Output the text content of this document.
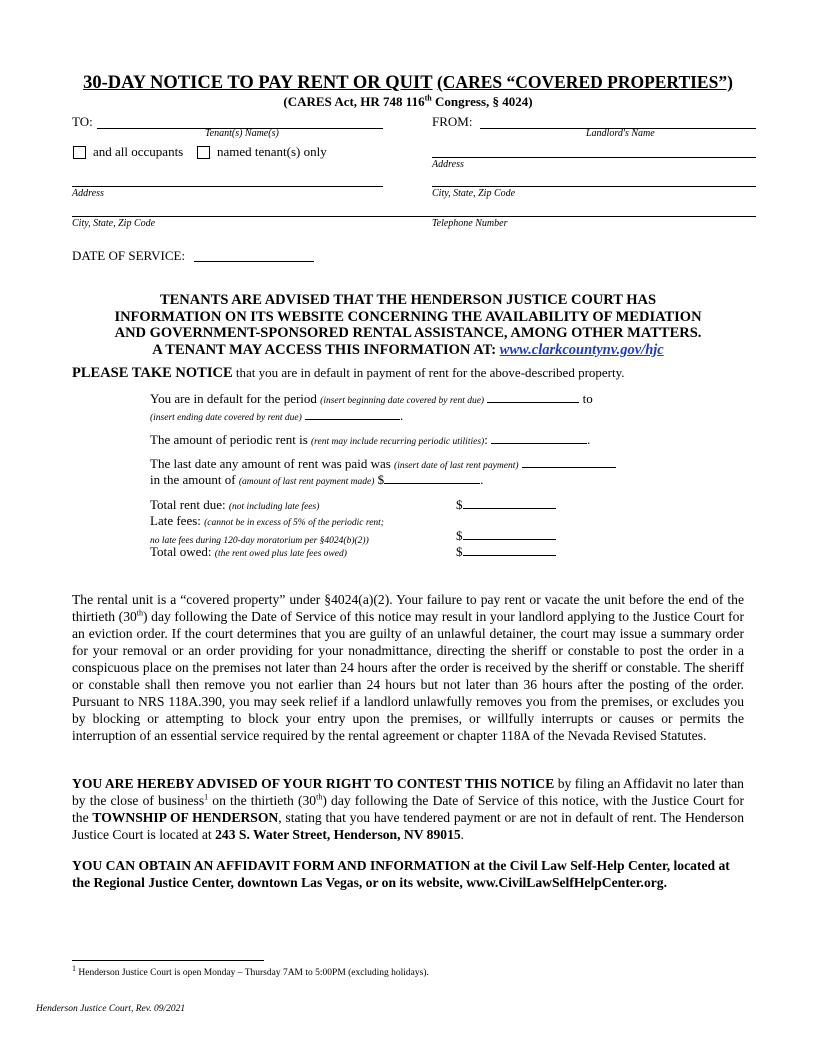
30-DAY NOTICE TO PAY RENT OR QUIT (CARES “COVERED PROPERTIES”)
(CARES Act, HR 748 116th Congress, § 4024)
TO:
Tenant(s) Name(s)
and all occupants	named tenant(s) only
Address
City, State, Zip Code
DATE OF SERVICE:
FROM:
Landlord's Name
Address
City, State, Zip Code
Telephone Number
TENANTS ARE ADVISED THAT THE HENDERSON JUSTICE COURT HAS
INFORMATION ON ITS WEBSITE CONCERNING THE AVAILABILITY OF MEDIATION
AND GOVERNMENT-SPONSORED RENTAL ASSISTANCE, AMONG OTHER MATTERS.
A TENANT MAY ACCESS THIS INFORMATION AT: www.clarkcountynv.gov/hjc
PLEASE TAKE NOTICE that you are in default in payment of rent for the above-described property.
You are in default for the period (insert beginning date covered by rent due)	to
(insert ending date covered by rent due)	.
The amount of periodic rent is (rent may include recurring periodic utilities):	.
The last date any amount of rent was paid was (insert date of last rent payment)
in the amount of (amount of last rent payment made) $	.
Total rent due: (not including late fees)	$
Late fees: (cannot be in excess of 5% of the periodic rent;
no late fees during 120-day moratorium per §4024(b)(2))	$
Total owed: (the rent owed plus late fees owed)	$
The rental unit is a “covered property” under §4024(a)(2). Your failure to pay rent or vacate the unit before the end of the thirtieth (30th) day following the Date of Service of this notice may result in your landlord applying to the Justice Court for an eviction order. If the court determines that you are guilty of an unlawful detainer, the court may issue a summary order for your removal or an order providing for your nonadmittance, directing the sheriff or constable to post the order in a conspicuous place on the premises not later than 24 hours after the order is received by the sheriff or constable. The sheriff or constable shall then remove you not earlier than 24 hours but not later than 36 hours after the posting of the order. Pursuant to NRS 118A.390, you may seek relief if a landlord unlawfully removes you from the premises, or excludes you by blocking or attempting to block your entry upon the premises, or willfully interrupts or causes or permits the interruption of an essential service required by the rental agreement or chapter 118A of the Nevada Revised Statutes.
YOU ARE HEREBY ADVISED OF YOUR RIGHT TO CONTEST THIS NOTICE by filing an Affidavit no later than by the close of business$^1$ on the thirtieth (30th) day following the Date of Service of this notice, with the Justice Court for the TOWNSHIP OF HENDERSON, stating that you have tendered payment or are not in default of rent. The Henderson Justice Court is located at 243 S. Water Street, Henderson, NV 89015.
YOU CAN OBTAIN AN AFFIDAVIT FORM AND INFORMATION at the Civil Law Self-Help Center, located at the Regional Justice Center, downtown Las Vegas, or on its website, www.CivilLawSelfHelpCenter.org.
$^1$ Henderson Justice Court is open Monday – Thursday 7AM to 5:00PM (excluding holidays).
Henderson Justice Court, Rev. 09/2021
